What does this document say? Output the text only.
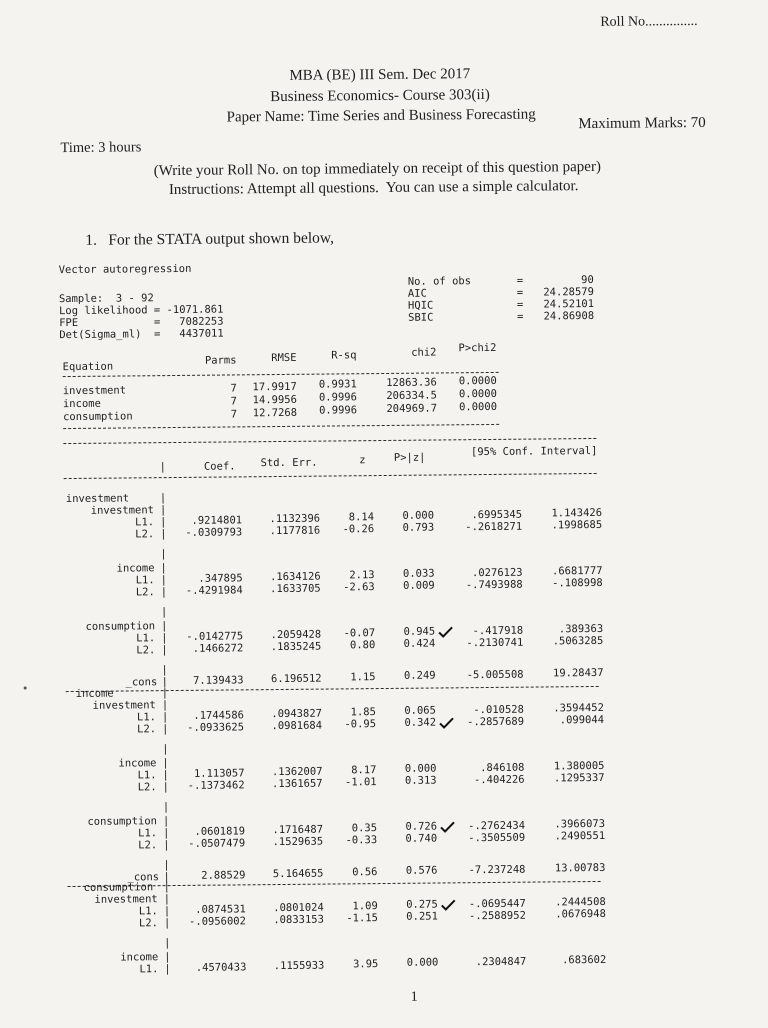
Roll No...............
MBA (BE) III Sem. Dec 2017
Business Economics- Course 303(ii)
Paper Name: Time Series and Business Forecasting	Maximum Marks: 70
Time: 3 hours
(Write your Roll No. on top immediately on receipt of this question paper)
Instructions: Attempt all questions.  You can use a simple calculator.
1. For the STATA output shown below,
Vector autoregression
Sample:  3 - 92
Log likelihood = -1071.861
FPE            =   7082253
Det(Sigma_ml)  =   4437011
No. of obs	=	90
AIC	=	24.28579
HQIC	=	24.52101
SBIC	=	24.86908
Equation
Parms	RMSE	R-sq	chi2	P>chi2
investment	7	17.9917	0.9931	12863.36	0.0000
income	7	14.9956	0.9996	206334.5	0.0000
consumption	7	12.7268	0.9996	204969.7	0.0000
Coef.	Std. Err.	z	P>|z|	[95% Conf. Interval]
|
investment	|
investment |
L1.	.9214801	.1132396	8.14	0.000	.6995345	1.143426
|
L2.	-.0309793	.1177816	-0.26	0.793	-.2618271	.1998685
|
|
income |
L1.	.347895	.1634126	2.13	0.033	.0276123	.6681777
|
L2.	-.4291984	.1633705	-2.63	0.009	-.7493988	-.108998
|
|
consumption |
L1.	-.0142775	.2059428	-0.07	0.945	-.417918	.389363
|
L2.	.1466272	.1835245	0.80	0.424	-.2130741	.5063285
|
|
_cons	7.139433	6.196512	1.15	0.249	-5.005508	19.28437
|
income	|
investment |
L1.	.1744586	.0943827	1.85	0.065	-.010528	.3594452
|
L2.	-.0933625	.0981684	-0.95	0.342	-.2857689	.099044
|
|
income |
L1.	1.113057	.1362007	8.17	0.000	.846108	1.380005
|
L2.	-.1373462	.1361657	-1.01	0.313	-.404226	.1295337
|
|
consumption |
L1.	.0601819	.1716487	0.35	0.726	-.2762434	.3966073
|
L2.	-.0507479	.1529635	-0.33	0.740	-.3505509	.2490551
|
|
_cons	2.88529	5.164655	0.56	0.576	-7.237248	13.00783
|
consumption |
investment |
L1.	.0874531	.0801024	1.09	0.275	-.0695447	.2444508
|
L2.	-.0956002	.0833153	-1.15	0.251	-.2588952	.0676948
|
|
income |
L1.	.4570433	.1155933	3.95	0.000	.2304847	.683602
|
1
